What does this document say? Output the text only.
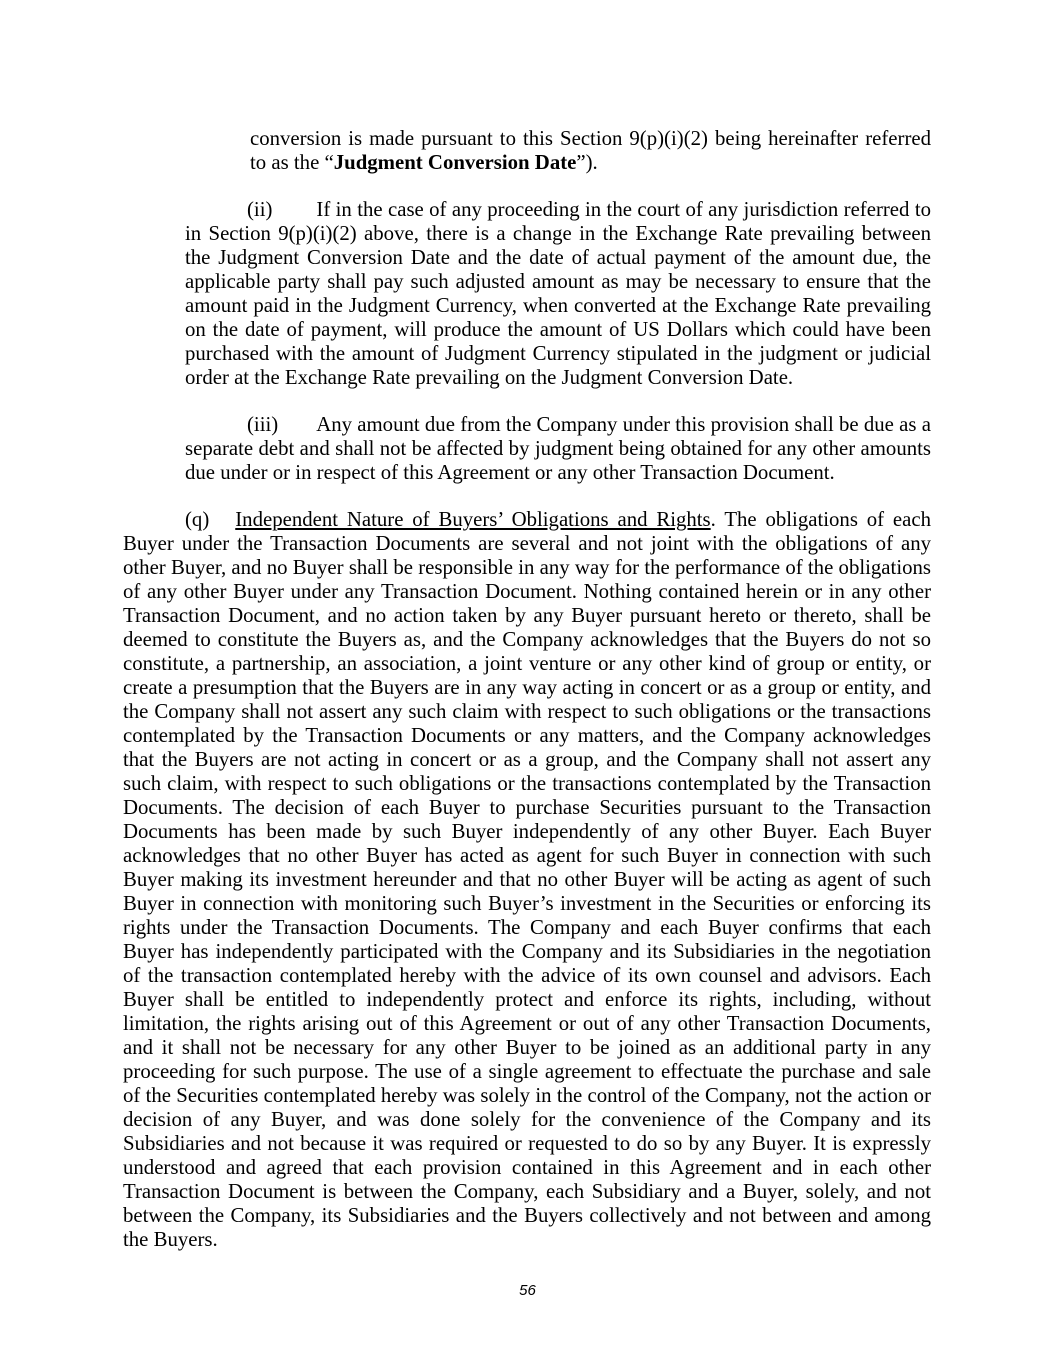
conversion is made pursuant to this Section 9(p)(i)(2) being hereinafter referred to as the “Judgment Conversion Date”).

(ii) If in the case of any proceeding in the court of any jurisdiction referred to in Section 9(p)(i)(2) above, there is a change in the Exchange Rate prevailing between the Judgment Conversion Date and the date of actual payment of the amount due, the applicable party shall pay such adjusted amount as may be necessary to ensure that the amount paid in the Judgment Currency, when converted at the Exchange Rate prevailing on the date of payment, will produce the amount of US Dollars which could have been purchased with the amount of Judgment Currency stipulated in the judgment or judicial order at the Exchange Rate prevailing on the Judgment Conversion Date.

(iii) Any amount due from the Company under this provision shall be due as a separate debt and shall not be affected by judgment being obtained for any other amounts due under or in respect of this Agreement or any other Transaction Document.

(q) Independent Nature of Buyers’ Obligations and Rights. The obligations of each Buyer under the Transaction Documents are several and not joint with the obligations of any other Buyer, and no Buyer shall be responsible in any way for the performance of the obligations of any other Buyer under any Transaction Document. Nothing contained herein or in any other Transaction Document, and no action taken by any Buyer pursuant hereto or thereto, shall be deemed to constitute the Buyers as, and the Company acknowledges that the Buyers do not so constitute, a partnership, an association, a joint venture or any other kind of group or entity, or create a presumption that the Buyers are in any way acting in concert or as a group or entity, and the Company shall not assert any such claim with respect to such obligations or the transactions contemplated by the Transaction Documents or any matters, and the Company acknowledges that the Buyers are not acting in concert or as a group, and the Company shall not assert any such claim, with respect to such obligations or the transactions contemplated by the Transaction Documents. The decision of each Buyer to purchase Securities pursuant to the Transaction Documents has been made by such Buyer independently of any other Buyer. Each Buyer acknowledges that no other Buyer has acted as agent for such Buyer in connection with such Buyer making its investment hereunder and that no other Buyer will be acting as agent of such Buyer in connection with monitoring such Buyer’s investment in the Securities or enforcing its rights under the Transaction Documents. The Company and each Buyer confirms that each Buyer has independently participated with the Company and its Subsidiaries in the negotiation of the transaction contemplated hereby with the advice of its own counsel and advisors. Each Buyer shall be entitled to independently protect and enforce its rights, including, without limitation, the rights arising out of this Agreement or out of any other Transaction Documents, and it shall not be necessary for any other Buyer to be joined as an additional party in any proceeding for such purpose. The use of a single agreement to effectuate the purchase and sale of the Securities contemplated hereby was solely in the control of the Company, not the action or decision of any Buyer, and was done solely for the convenience of the Company and its Subsidiaries and not because it was required or requested to do so by any Buyer. It is expressly understood and agreed that each provision contained in this Agreement and in each other Transaction Document is between the Company, each Subsidiary and a Buyer, solely, and not between the Company, its Subsidiaries and the Buyers collectively and not between and among the Buyers.

56
